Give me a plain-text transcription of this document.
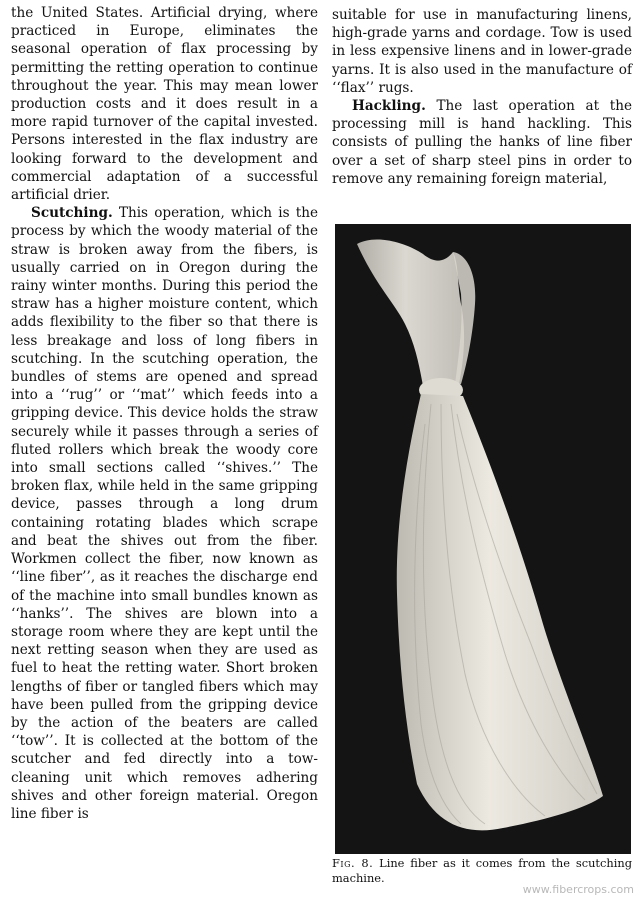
the United States. Artificial drying, where practiced in Europe, eliminates the seasonal operation of flax processing by permitting the retting operation to continue throughout the year. This may mean lower production costs and it does result in a more rapid turnover of the capital invested. Persons interested in the flax industry are looking forward to the development and commercial adaptation of a successful artificial drier.

Scutching. This operation, which is the process by which the woody material of the straw is broken away from the fibers, is usually carried on in Oregon during the rainy winter months. During this period the straw has a higher moisture content, which adds flexibility to the fiber so that there is less breakage and loss of long fibers in scutching. In the scutching operation, the bundles of stems are opened and spread into a ‘‘rug’’ or ‘‘mat’’ which feeds into a gripping device. This device holds the straw securely while it passes through a series of fluted rollers which break the woody core into small sections called ‘‘shives.’’ The broken flax, while held in the same gripping device, passes through a long drum containing rotating blades which scrape and beat the shives out from the fiber. Workmen collect the fiber, now known as ‘‘line fiber’’, as it reaches the discharge end of the machine into small bundles known as ‘‘hanks’’. The shives are blown into a storage room where they are kept until the next retting season when they are used as fuel to heat the retting water. Short broken lengths of fiber or tangled fibers which may have been pulled from the gripping device by the action of the beaters are called ‘‘tow’’. It is collected at the bottom of the scutcher and fed directly into a tow-cleaning unit which removes adhering shives and other foreign material. Oregon line fiber is

suitable for use in manufacturing linens, high-grade yarns and cordage. Tow is used in less expensive linens and in lower-grade yarns. It is also used in the manufacture of ‘‘flax’’ rugs.

Hackling. The last operation at the processing mill is hand hackling. This consists of pulling the hanks of line fiber over a set of sharp steel pins in order to remove any remaining foreign material,

Fig. 8. Line fiber as it comes from the scutching machine.
www.fibercrops.com
